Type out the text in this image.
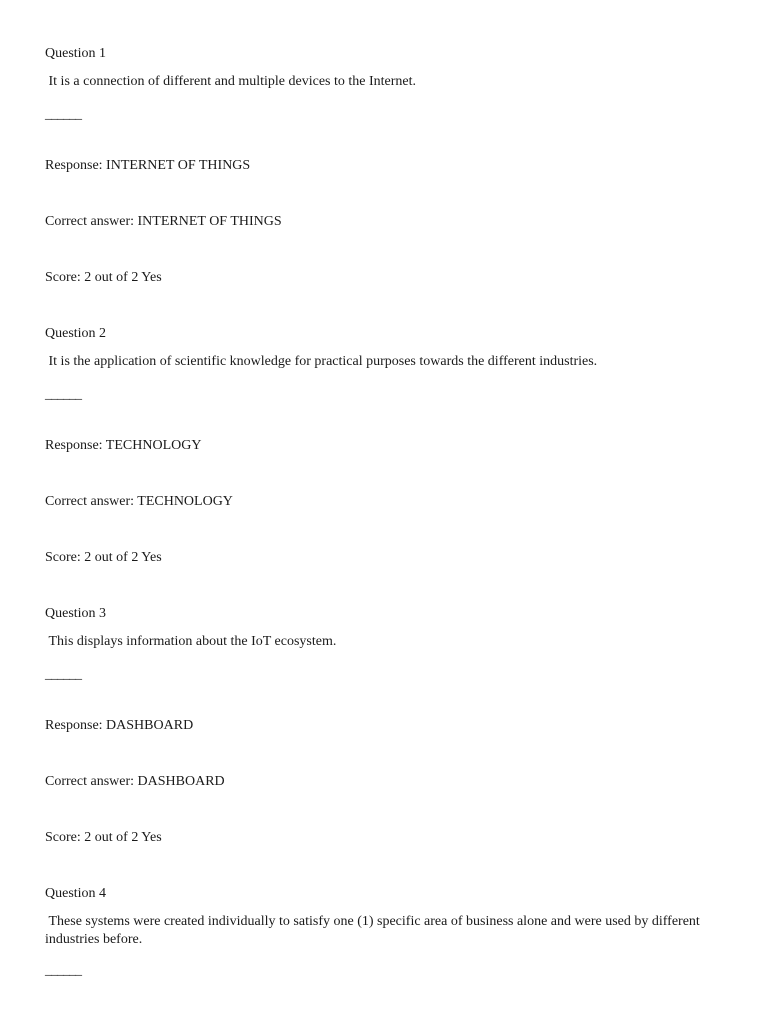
Question 1
It is a connection of different and multiple devices to the Internet.
______
Response: INTERNET OF THINGS
Correct answer: INTERNET OF THINGS
Score: 2 out of 2 Yes
Question 2
It is the application of scientific knowledge for practical purposes towards the different industries.
______
Response: TECHNOLOGY
Correct answer: TECHNOLOGY
Score: 2 out of 2 Yes
Question 3
This displays information about the IoT ecosystem.
______
Response: DASHBOARD
Correct answer: DASHBOARD
Score: 2 out of 2 Yes
Question 4
These systems were created individually to satisfy one (1) specific area of business alone and were used by different industries before.
______
